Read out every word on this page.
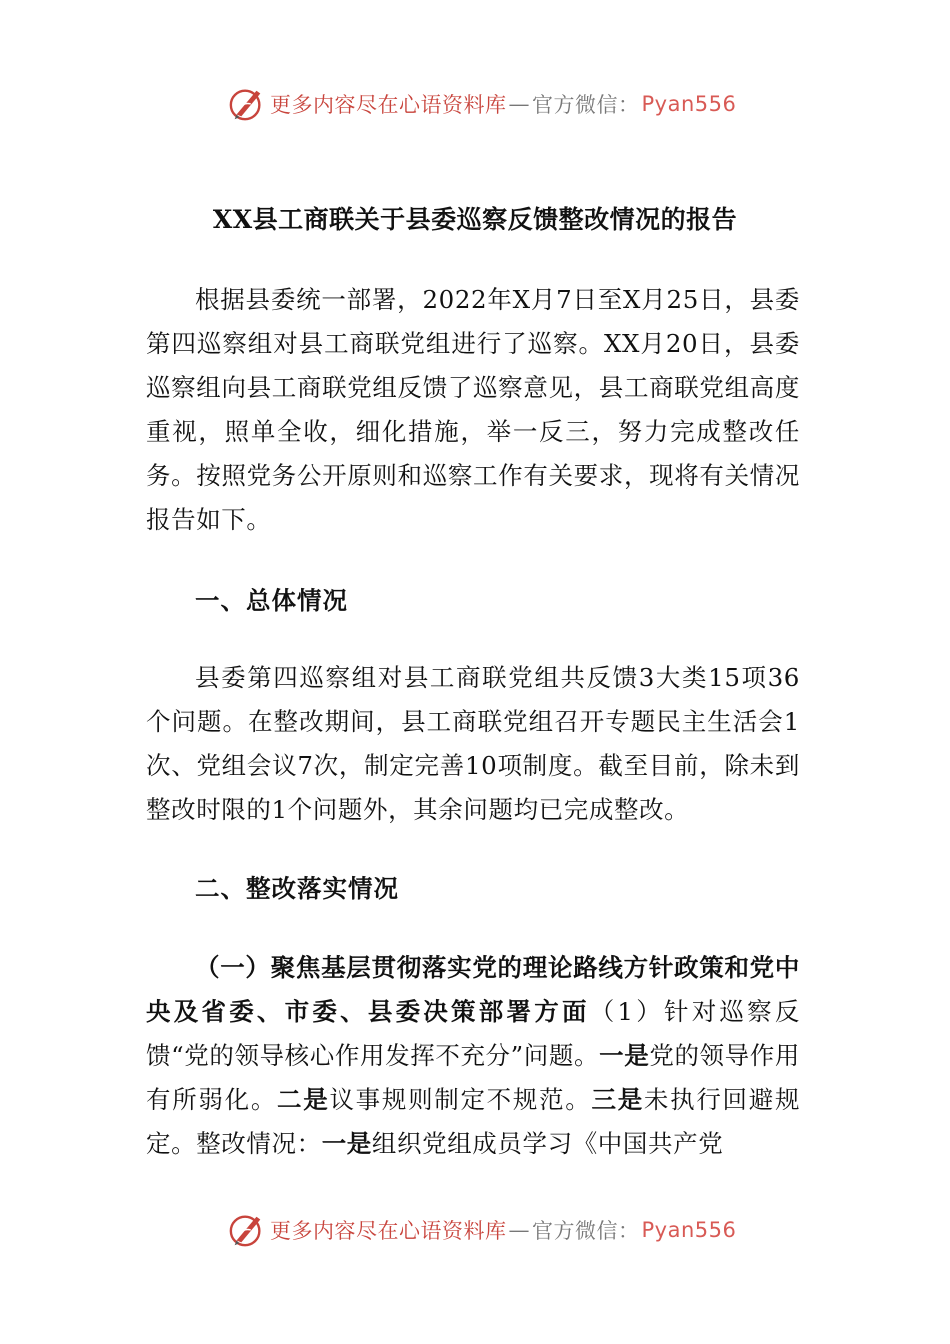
更多内容尽在心语资料库 — 官方微信： Pyan556
XX县工商联关于县委巡察反馈整改情况的报告

根据县委统一部署，2022年X月7日至X月25日，县委第四巡察组对县工商联党组进行了巡察。XX月20日，县委巡察组向县工商联党组反馈了巡察意见，县工商联党组高度重视，照单全收，细化措施，举一反三，努力完成整改任务。按照党务公开原则和巡察工作有关要求，现将有关情况报告如下。

一、总体情况

县委第四巡察组对县工商联党组共反馈3大类15项36个问题。在整改期间，县工商联党组召开专题民主生活会1次、党组会议7次，制定完善10项制度。截至目前，除未到整改时限的1个问题外，其余问题均已完成整改。

二、整改落实情况

（一）聚焦基层贯彻落实党的理论路线方针政策和党中央及省委、市委、县委决策部署方面（1）针对巡察反馈“党的领导核心作用发挥不充分”问题。一是党的领导作用有所弱化。二是议事规则制定不规范。三是未执行回避规定。整改情况：一是组织党组成员学习《中国共产党

更多内容尽在心语资料库 — 官方微信： Pyan556
